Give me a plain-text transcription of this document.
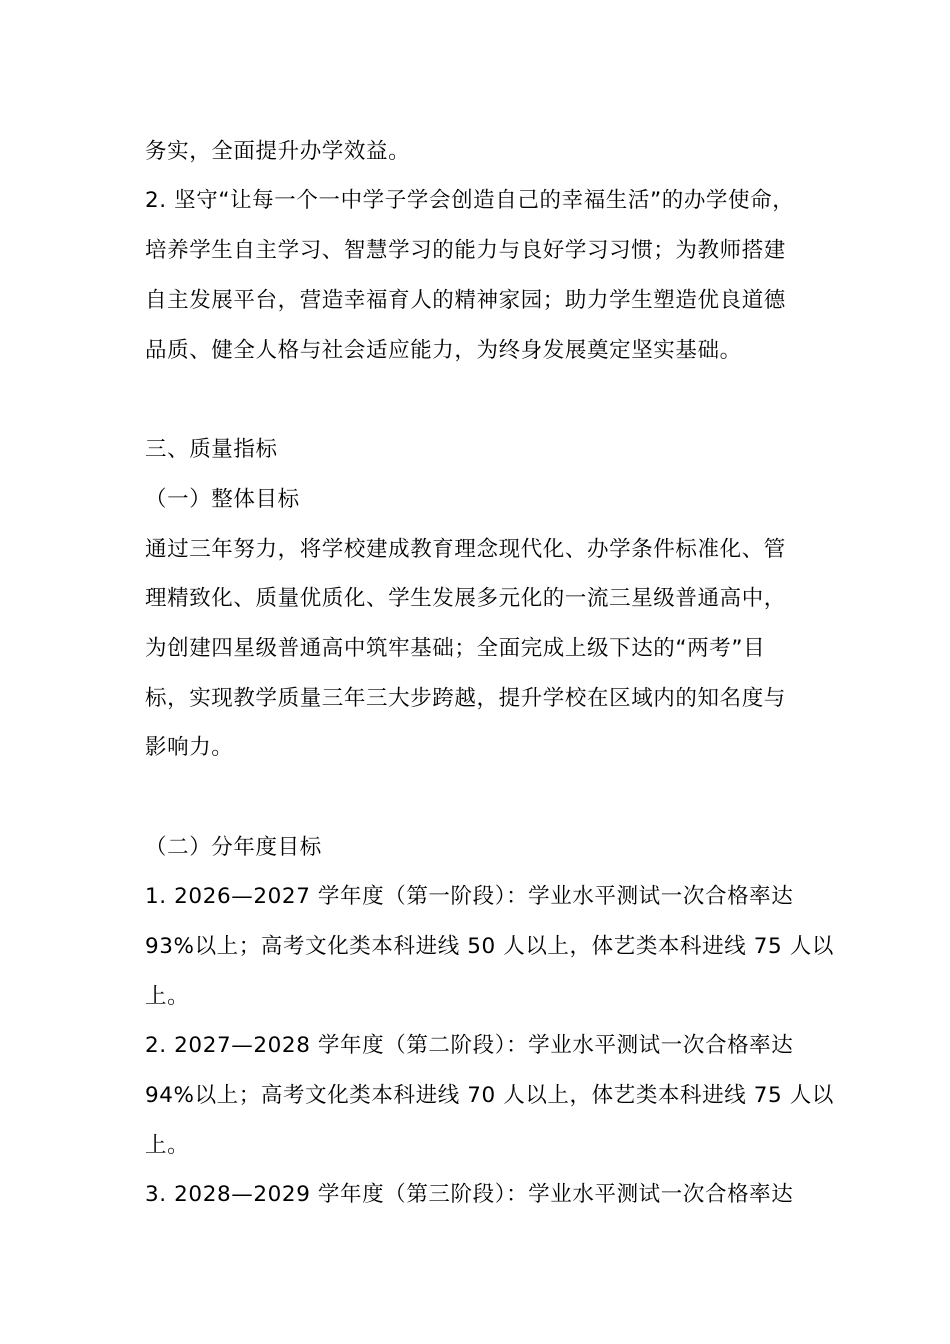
务实，全面提升办学效益。
2. 坚守“让每一个一中学子学会创造自己的幸福生活”的办学使命，
培养学生自主学习、智慧学习的能力与良好学习习惯；为教师搭建
自主发展平台，营造幸福育人的精神家园；助力学生塑造优良道德
品质、健全人格与社会适应能力，为终身发展奠定坚实基础。
三、质量指标
（一）整体目标
通过三年努力，将学校建成教育理念现代化、办学条件标准化、管
理精致化、质量优质化、学生发展多元化的一流三星级普通高中，
为创建四星级普通高中筑牢基础；全面完成上级下达的“两考”目
标，实现教学质量三年三大步跨越，提升学校在区域内的知名度与
影响力。
（二）分年度目标
1. 2026—2027 学年度（第一阶段）：学业水平测试一次合格率达
93%以上；高考文化类本科进线 50 人以上，体艺类本科进线 75 人以
上。
2. 2027—2028 学年度（第二阶段）：学业水平测试一次合格率达
94%以上；高考文化类本科进线 70 人以上，体艺类本科进线 75 人以
上。
3. 2028—2029 学年度（第三阶段）：学业水平测试一次合格率达
